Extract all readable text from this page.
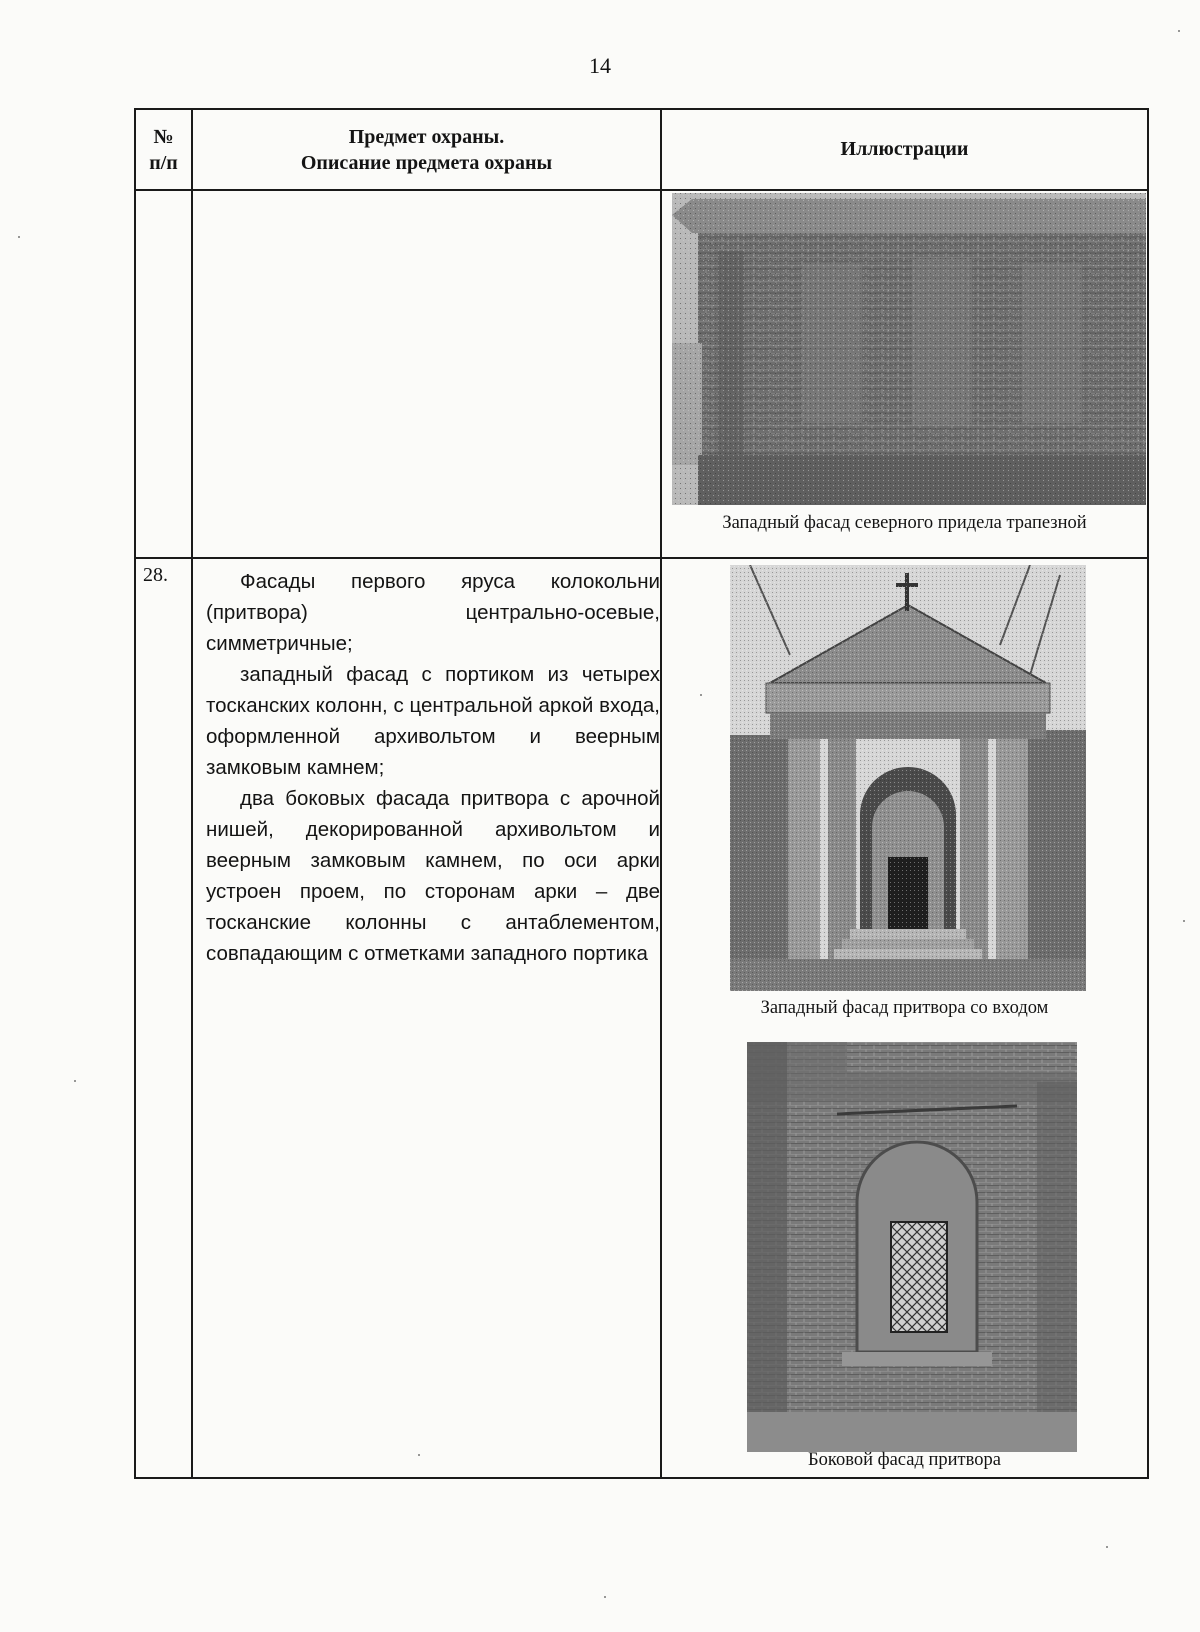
14
№
п/п
Предмет охраны.
Описание предмета охраны
Иллюстрации
Западный фасад северного придела трапезной
28.	Фасады первого яруса колокольни (притвора) центрально-осевые, симметричные;

западный фасад с портиком из четырех тосканских колонн, с центральной аркой входа, оформленной архивольтом и веерным замковым камнем;

два боковых фасада притвора с арочной нишей, декорированной архивольтом и веерным замковым камнем, по оси арки устроен проем, по сторонам арки – две тосканские колонны с антаблементом, совпадающим с отметками западного портика

Западный фасад притвора со входом
Боковой фасад притвора
